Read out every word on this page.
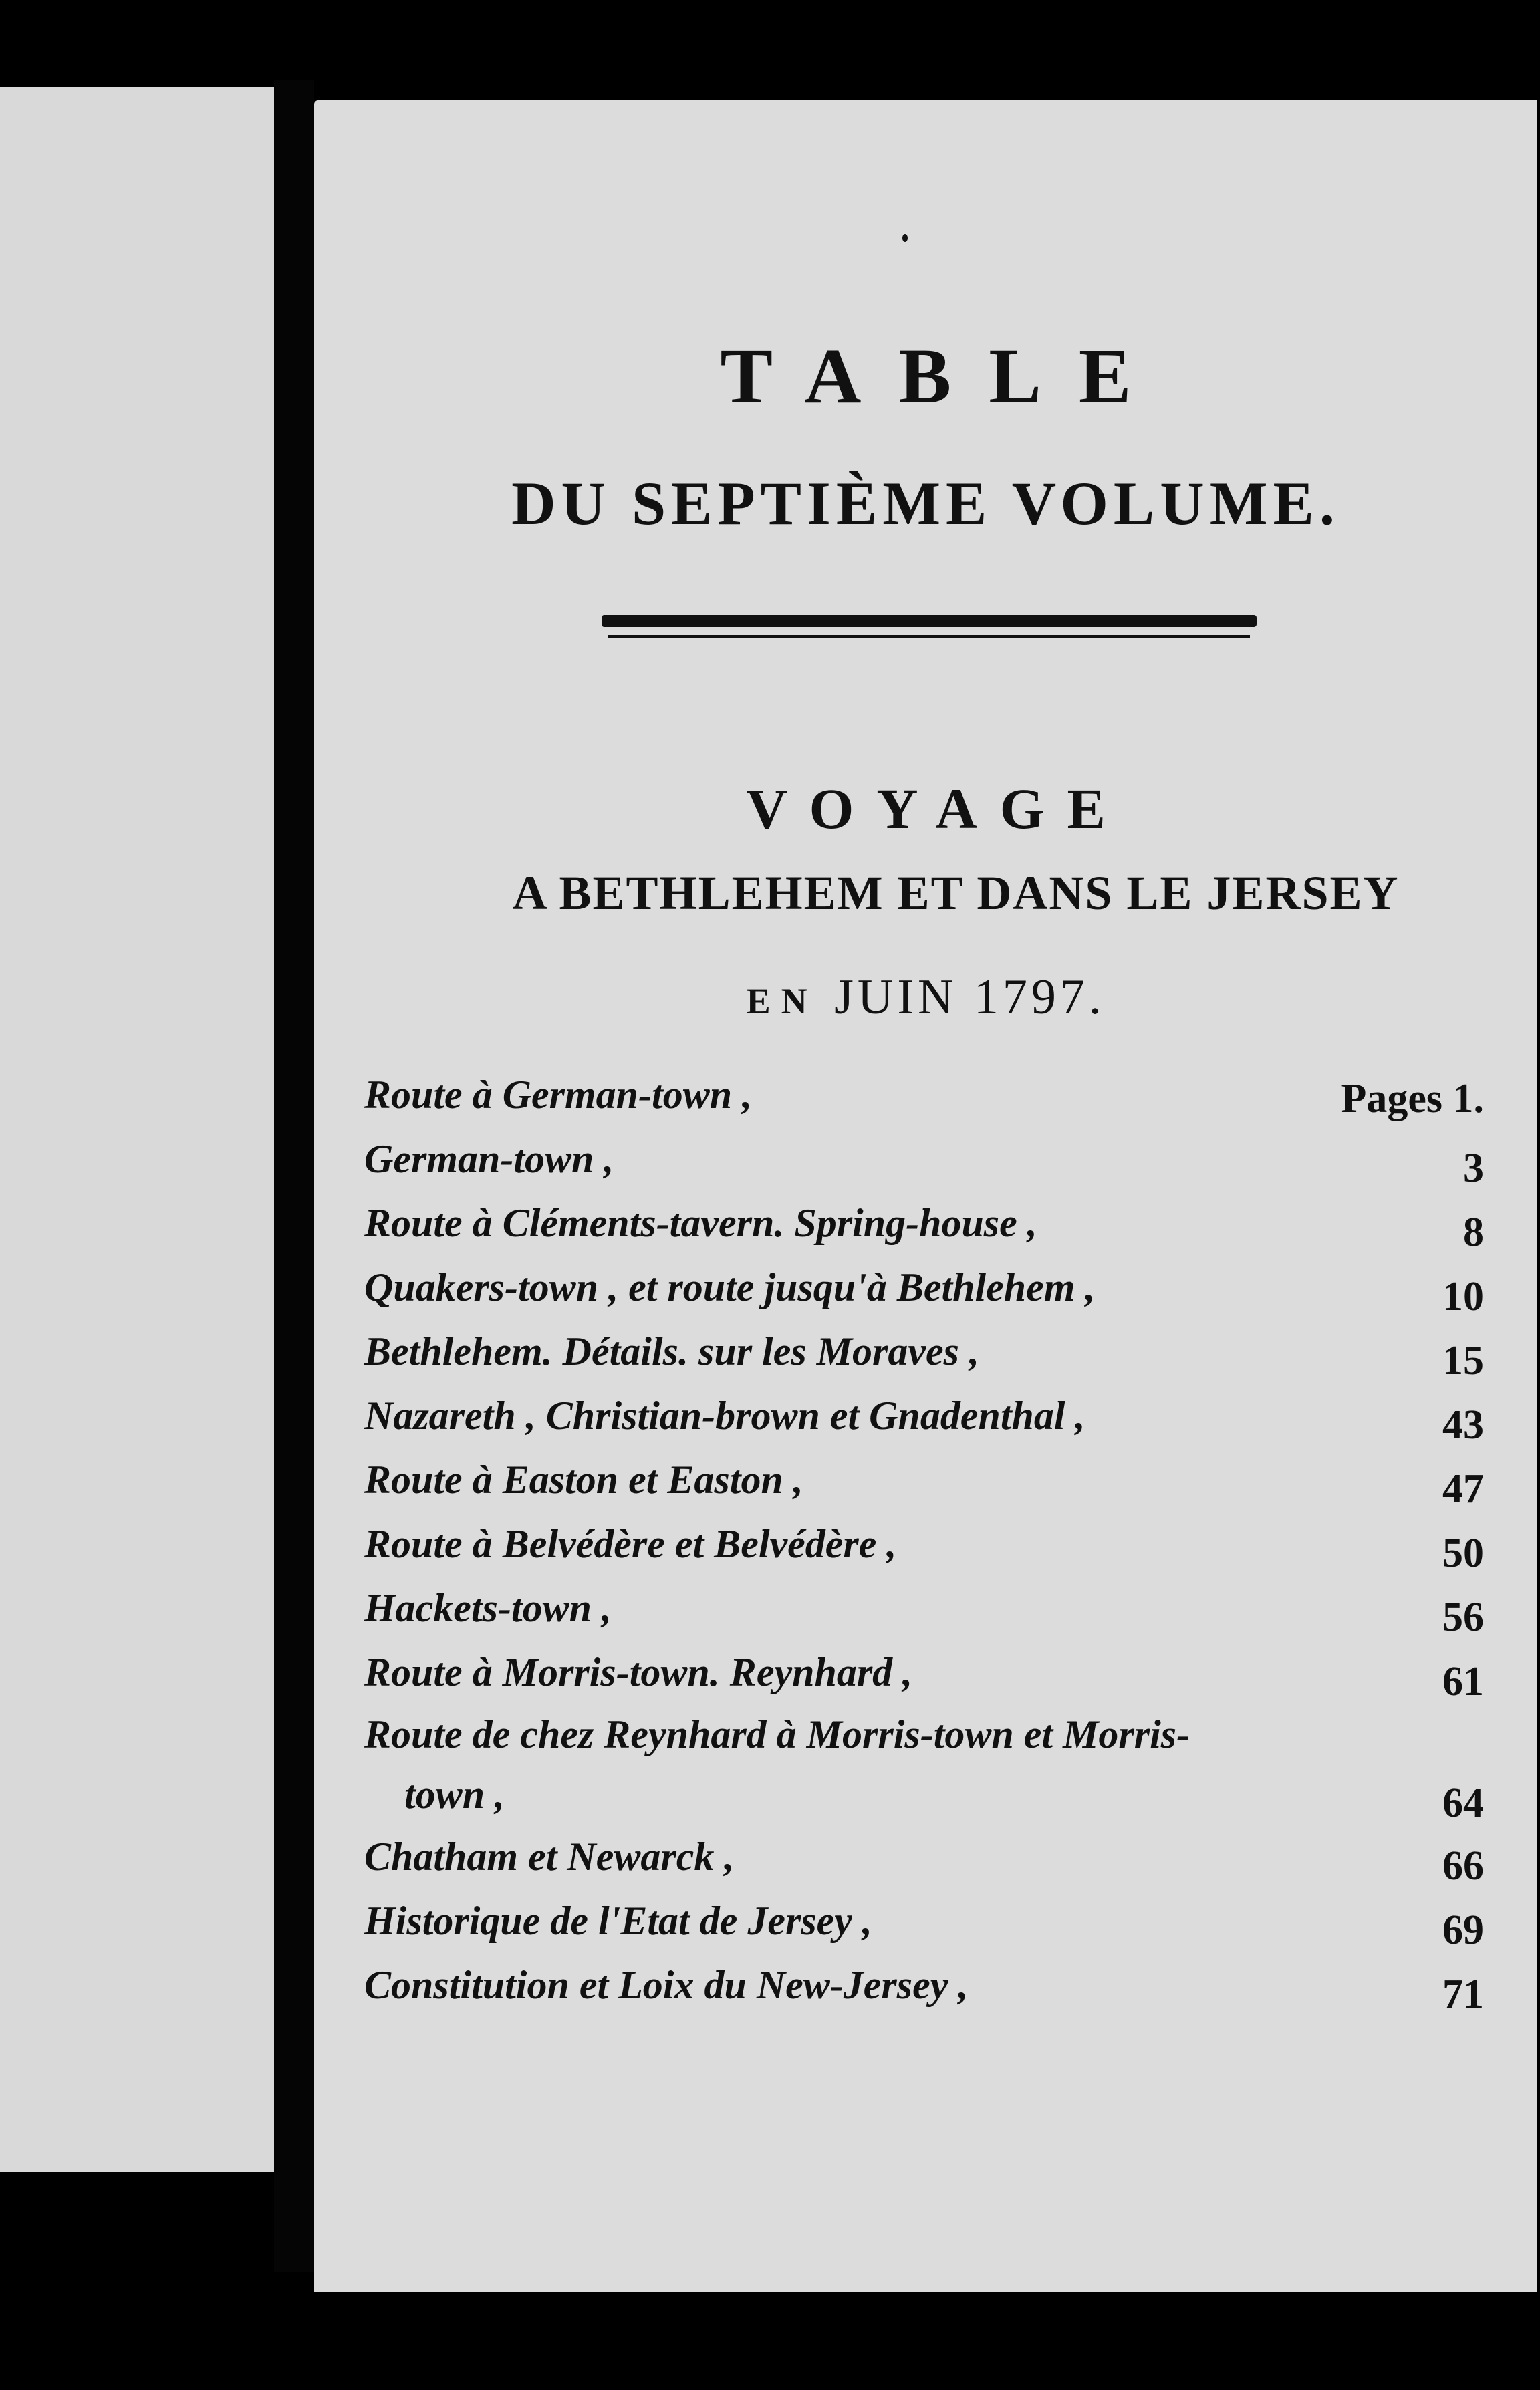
TABLE
DU SEPTIÈME VOLUME.
VOYAGE
A BETHLEHEM ET DANS LE JERSEY
EN JUIN 1797.
Route à German-town ,	Pages 1.
German-town ,	3
Route à Cléments-tavern. Spring-house ,	8
Quakers-town , et route jusqu'à Bethlehem ,	10
Bethlehem. Détails. sur les Moraves ,	15
Nazareth , Christian-brown et Gnadenthal ,	43
Route à Easton et Easton ,	47
Route à Belvédère et Belvédère ,	50
Hackets-town ,	56
Route à Morris-town. Reynhard ,	61
Route de chez Reynhard à Morris-town et Morris-
town ,	64
Chatham et Newarck ,	66
Historique de l'Etat de Jersey ,	69
Constitution et Loix du New-Jersey ,	71
